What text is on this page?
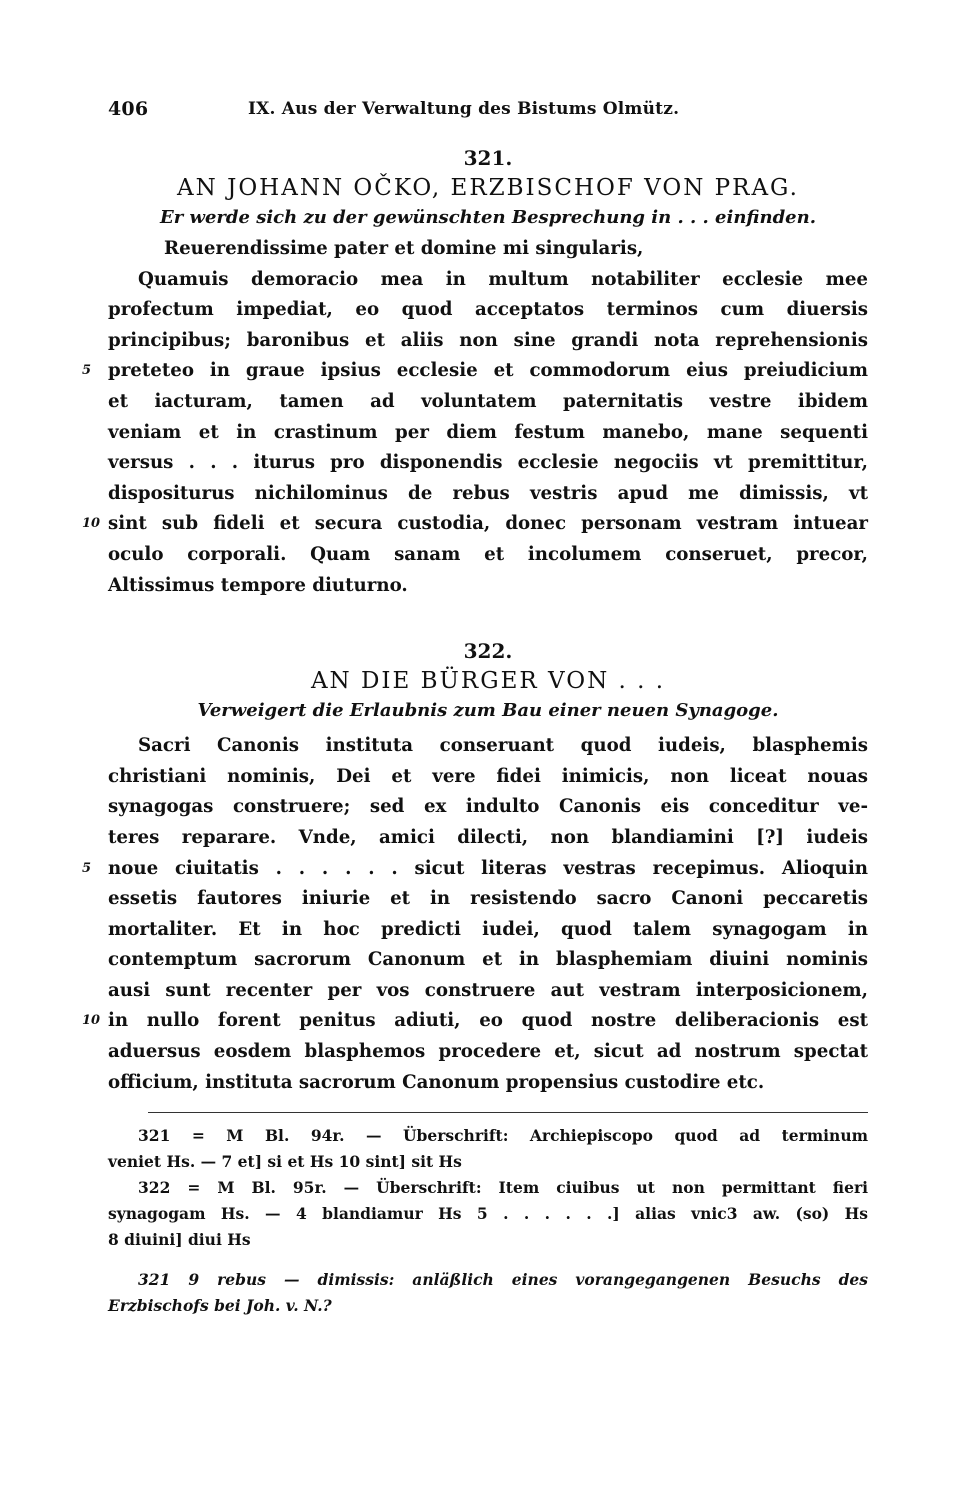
406	IX. Aus der Verwaltung des Bistums Olmütz.
321.
AN JOHANN OČKO, ERZBISCHOF VON PRAG.
Er werde sich zu der gewünschten Besprechung in . . . einfinden.
Reuerendissime pater et domine mi singularis,
Quamuis demoracio mea in multum notabiliter ecclesie mee
profectum impediat, eo quod acceptatos terminos cum diuersis
principibus; baronibus et aliis non sine grandi nota reprehensionis
5 preteteo in graue ipsius ecclesie et commodorum eius preiudicium
et iacturam, tamen ad voluntatem paternitatis vestre ibidem
veniam et in crastinum per diem festum manebo, mane sequenti
versus . . . iturus pro disponendis ecclesie negociis vt premittitur,
dispositurus nichilominus de rebus vestris apud me dimissis, vt
10 sint sub fideli et secura custodia, donec personam vestram intuear
oculo corporali. Quam sanam et incolumem conseruet, precor,
Altissimus tempore diuturno.
322.
AN DIE BÜRGER VON . . .
Verweigert die Erlaubnis zum Bau einer neuen Synagoge.
Sacri Canonis instituta conseruant quod iudeis, blasphemis
christiani nominis, Dei et vere fidei inimicis, non liceat nouas
synagogas construere; sed ex indulto Canonis eis conceditur ve-
teres reparare. Vnde, amici dilecti, non blandiamini [?] iudeis
5 noue ciuitatis . . . . . . sicut literas vestras recepimus. Alioquin
essetis fautores iniurie et in resistendo sacro Canoni peccaretis
mortaliter. Et in hoc predicti iudei, quod talem synagogam in
contemptum sacrorum Canonum et in blasphemiam diuini nominis
ausi sunt recenter per vos construere aut vestram interposicionem,
10 in nullo forent penitus adiuti, eo quod nostre deliberacionis est
aduersus eosdem blasphemos procedere et, sicut ad nostrum spectat
officium, instituta sacrorum Canonum propensius custodire etc.
321 = M Bl. 94r. — Überschrift: Archiepiscopo quod ad terminum
veniet Hs. — 7 et] si et Hs 10 sint] sit Hs
322 = M Bl. 95r. — Überschrift: Item ciuibus ut non permittant fieri
synagogam Hs. — 4 blandiamur Hs 5 . . . . . .] alias vnic3 aw. (so) Hs
8 diuini] diui Hs
321 9 rebus — dimissis: anläßlich eines vorangegangenen Besuchs des
Erzbischofs bei Joh. v. N.?
